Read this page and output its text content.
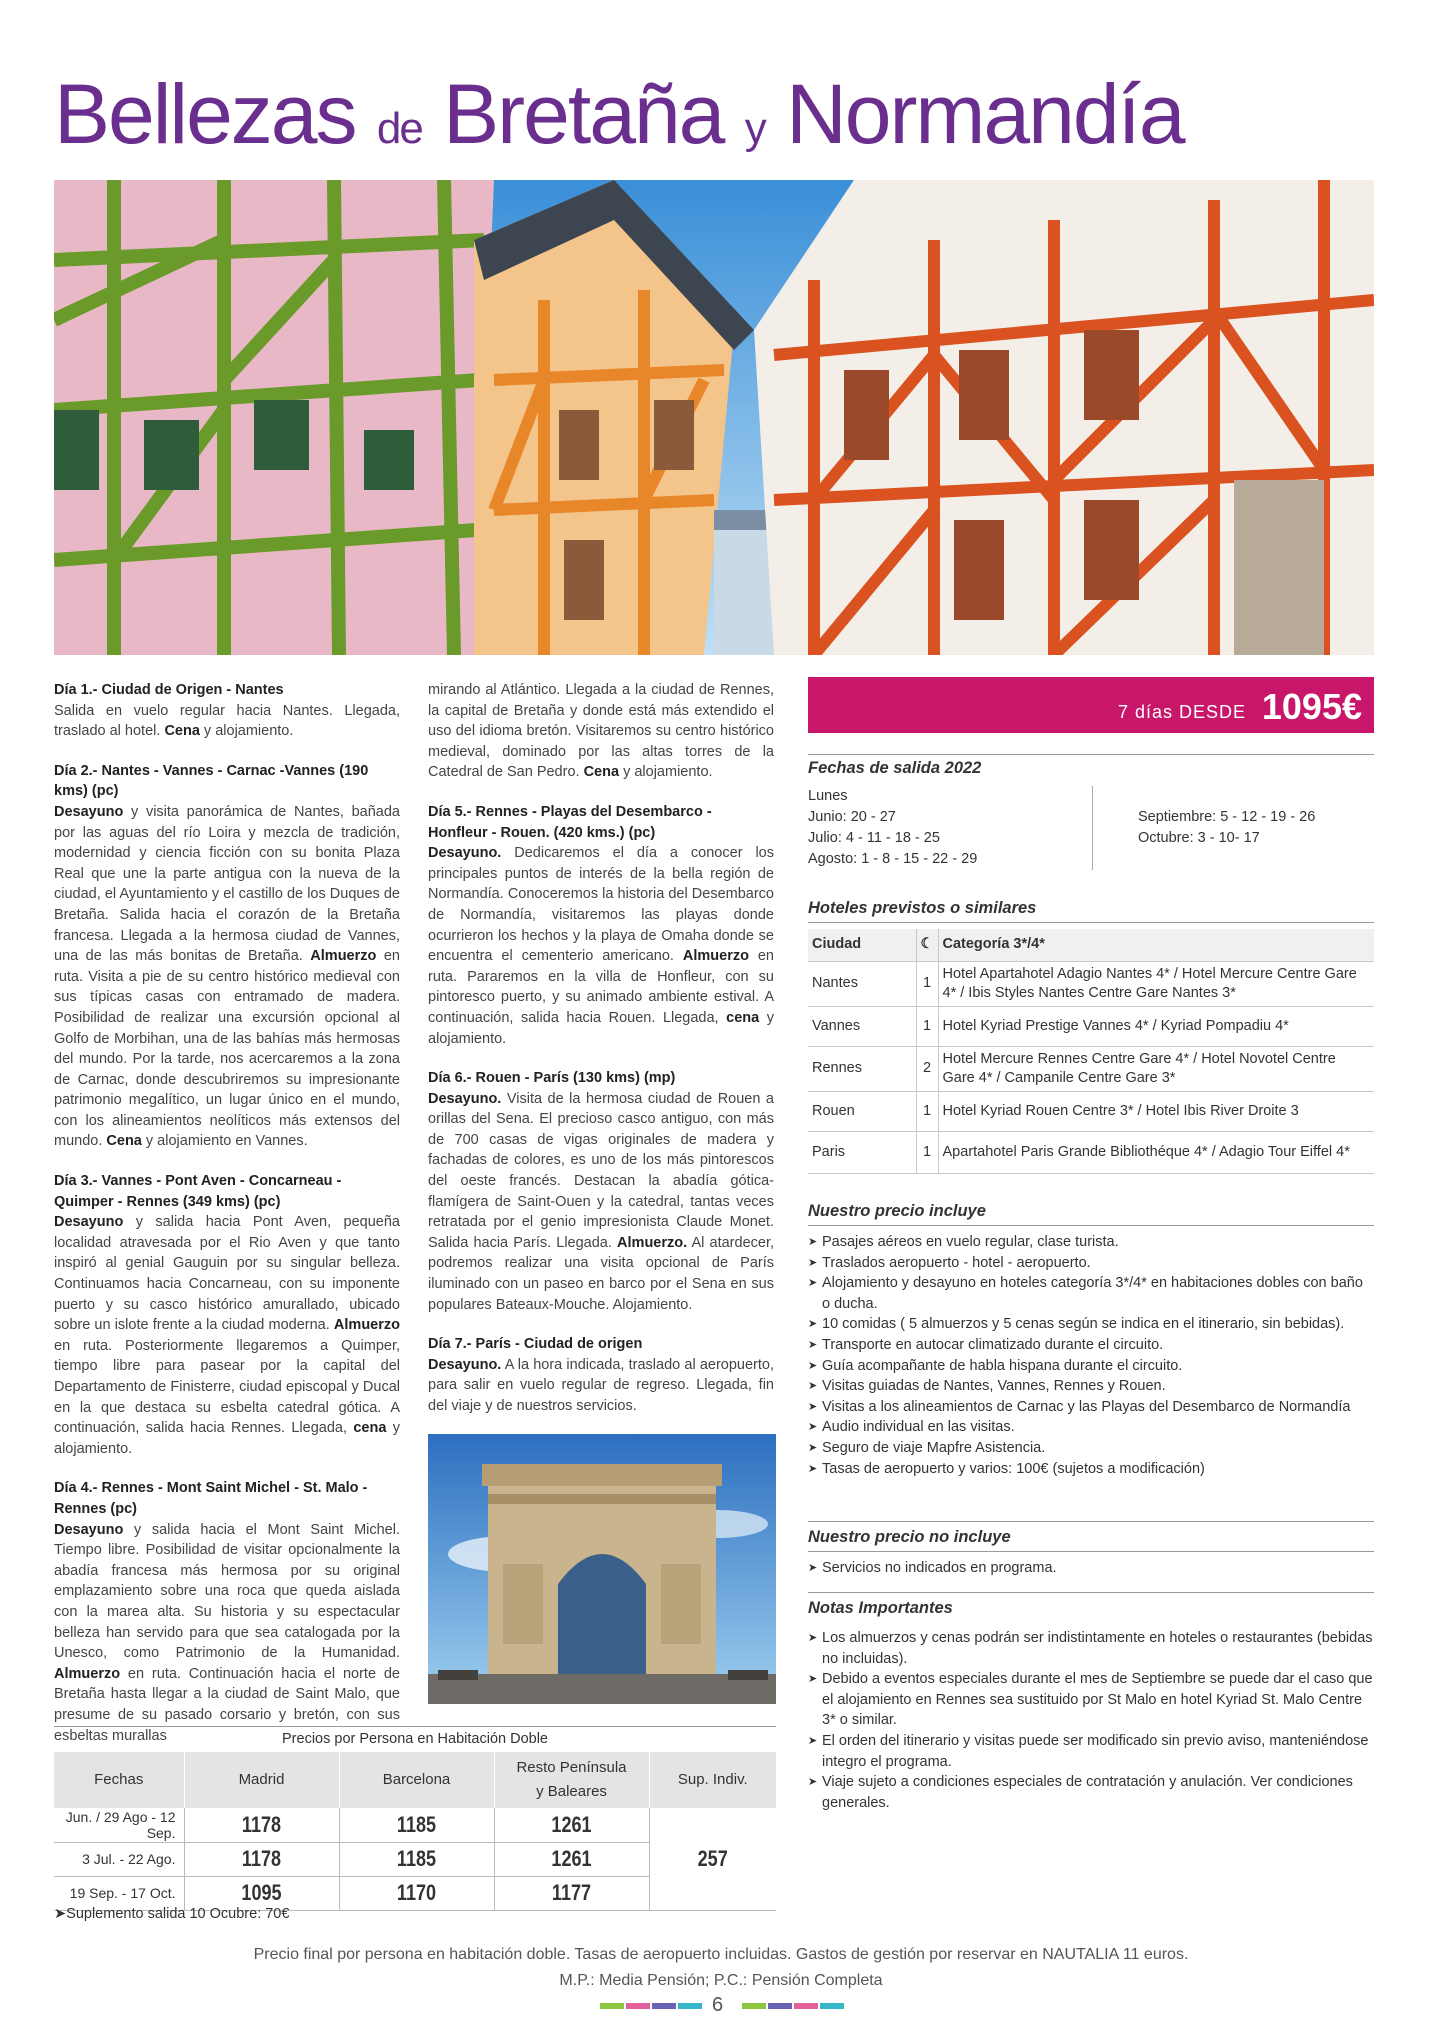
Bellezas de Bretaña y Normandía
Día 1.- Ciudad de Origen - Nantes
Salida en vuelo regular hacia Nantes. Llegada, traslado al hotel. Cena y alojamiento.
Día 2.- Nantes - Vannes - Carnac -Vannes (190 kms) (pc)
Desayuno y visita panorámica de Nantes, bañada por las aguas del río Loira y mezcla de tradición, modernidad y ciencia ficción con su bonita Plaza Real que une la parte antigua con la nueva de la ciudad, el Ayuntamiento y el castillo de los Duques de Bretaña. Salida hacia el corazón de la Bretaña francesa. Llegada a la hermosa ciudad de Vannes, una de las más bonitas de Bretaña. Almuerzo en ruta. Visita a pie de su centro histórico medieval con sus típicas casas con entramado de madera. Posibilidad de realizar una excursión opcional al Golfo de Morbihan, una de las bahías más hermosas del mundo. Por la tarde, nos acercaremos a la zona de Carnac, donde descubriremos su impresionante patrimonio megalítico, un lugar único en el mundo, con los alineamientos neolíticos más extensos del mundo. Cena y alojamiento en Vannes.
Día 3.- Vannes - Pont Aven - Concarneau - Quimper - Rennes (349 kms) (pc)
Desayuno y salida hacia Pont Aven, pequeña localidad atravesada por el Rio Aven y que tanto inspiró al genial Gauguin por su singular belleza. Continuamos hacia Concarneau, con su imponente puerto y su casco histórico amurallado, ubicado sobre un islote frente a la ciudad moderna. Almuerzo en ruta. Posteriormente llegaremos a Quimper, tiempo libre para pasear por la capital del Departamento de Finisterre, ciudad episcopal y Ducal en la que destaca su esbelta catedral gótica. A continuación, salida hacia Rennes. Llegada, cena y alojamiento.
Día 4.- Rennes - Mont Saint Michel - St. Malo - Rennes (pc)
Desayuno y salida hacia el Mont Saint Michel. Tiempo libre. Posibilidad de visitar opcionalmente la abadía francesa más hermosa por su original emplazamiento sobre una roca que queda aislada con la marea alta. Su historia y su espectacular belleza han servido para que sea catalogada por la Unesco, como Patrimonio de la Humanidad. Almuerzo en ruta. Continuación hacia el norte de Bretaña hasta llegar a la ciudad de Saint Malo, que presume de su pasado corsario y bretón, con sus esbeltas murallas
mirando al Atlántico. Llegada a la ciudad de Rennes, la capital de Bretaña y donde está más extendido el uso del idioma bretón. Visitaremos su centro histórico medieval, dominado por las altas torres de la Catedral de San Pedro. Cena y alojamiento.
Día 5.- Rennes - Playas del Desembarco - Honfleur - Rouen. (420 kms.) (pc)
Desayuno. Dedicaremos el día a conocer los principales puntos de interés de la bella región de Normandía. Conoceremos la historia del Desembarco de Normandía, visitaremos las playas donde ocurrieron los hechos y la playa de Omaha donde se encuentra el cementerio americano. Almuerzo en ruta. Pararemos en la villa de Honfleur, con su pintoresco puerto, y su animado ambiente estival. A continuación, salida hacia Rouen. Llegada, cena y alojamiento.
Día 6.- Rouen - París (130 kms) (mp)
Desayuno. Visita de la hermosa ciudad de Rouen a orillas del Sena. El precioso casco antiguo, con más de 700 casas de vigas originales de madera y fachadas de colores, es uno de los más pintorescos del oeste francés. Destacan la abadía gótica-flamígera de Saint-Ouen y la catedral, tantas veces retratada por el genio impresionista Claude Monet. Salida hacia París. Llegada. Almuerzo. Al atardecer, podremos realizar una visita opcional de París iluminado con un paseo en barco por el Sena en sus populares Bateaux-Mouche. Alojamiento.
Día 7.- París - Ciudad de origen
Desayuno. A la hora indicada, traslado al aeropuerto, para salir en vuelo regular de regreso. Llegada, fin del viaje y de nuestros servicios.
7 días DESDE 1095€
Fechas de salida 2022
Lunes
Junio: 20 - 27
Julio: 4 - 11 - 18 - 25
Agosto: 1 - 8 - 15 - 22 - 29
Septiembre: 5 - 12 - 19 - 26
Octubre: 3 - 10- 17
Hoteles previstos o similares
Ciudad	☾	Categoría 3*/4*
Nantes	1	Hotel Apartahotel Adagio Nantes 4* / Hotel Mercure Centre Gare 4* / Ibis Styles Nantes Centre Gare Nantes 3*
Vannes	1	Hotel Kyriad Prestige Vannes 4* / Kyriad Pompadiu 4*
Rennes	2	Hotel Mercure Rennes Centre Gare 4* / Hotel Novotel Centre Gare 4* / Campanile Centre Gare 3*
Rouen	1	Hotel Kyriad Rouen Centre 3* / Hotel Ibis River Droite 3
Paris	1	Apartahotel Paris Grande Bibliothéque 4* / Adagio Tour Eiffel 4*
Nuestro precio incluye
➤ Pasajes aéreos en vuelo regular, clase turista.
➤ Traslados aeropuerto - hotel - aeropuerto.
➤ Alojamiento y desayuno en hoteles categoría 3*/4* en habitaciones dobles con baño o ducha.
➤ 10 comidas ( 5 almuerzos y 5 cenas según se indica en el itinerario, sin bebidas).
➤ Transporte en autocar climatizado durante el circuito.
➤ Guía acompañante de habla hispana durante el circuito.
➤ Visitas guiadas de Nantes, Vannes, Rennes y Rouen.
➤ Visitas a los alineamientos de Carnac y las Playas del Desembarco de Normandía
➤ Audio individual en las visitas.
➤ Seguro de viaje Mapfre Asistencia.
➤ Tasas de aeropuerto y varios: 100€ (sujetos a modificación)
Nuestro precio no incluye
➤ Servicios no indicados en programa.
Notas Importantes
➤ Los almuerzos y cenas podrán ser indistintamente en hoteles o restaurantes (bebidas no incluidas).
➤ Debido a eventos especiales durante el mes de Septiembre se puede dar el caso que el alojamiento en Rennes sea sustituido por St Malo en hotel Kyriad St. Malo Centre 3* o similar.
➤ El orden del itinerario y visitas puede ser modificado sin previo aviso, manteniéndose integro el programa.
➤ Viaje sujeto a condiciones especiales de contratación y anulación. Ver condiciones generales.
Precios por Persona en Habitación Doble
Fechas	Madrid	Barcelona	Resto Península
y Baleares	Sup. Indiv.
Jun. / 29 Ago - 12 Sep.	1178	1185	1261	257
3 Jul. - 22 Ago.	1178	1185	1261	
19 Sep. - 17 Oct.	1095	1170	1177	
➤Suplemento salida 10 Ocubre: 70€
Precio final por persona en habitación doble. Tasas de aeropuerto incluidas. Gastos de gestión por reservar en NAUTALIA 11 euros.
M.P.: Media Pensión; P.C.: Pensión Completa
6
